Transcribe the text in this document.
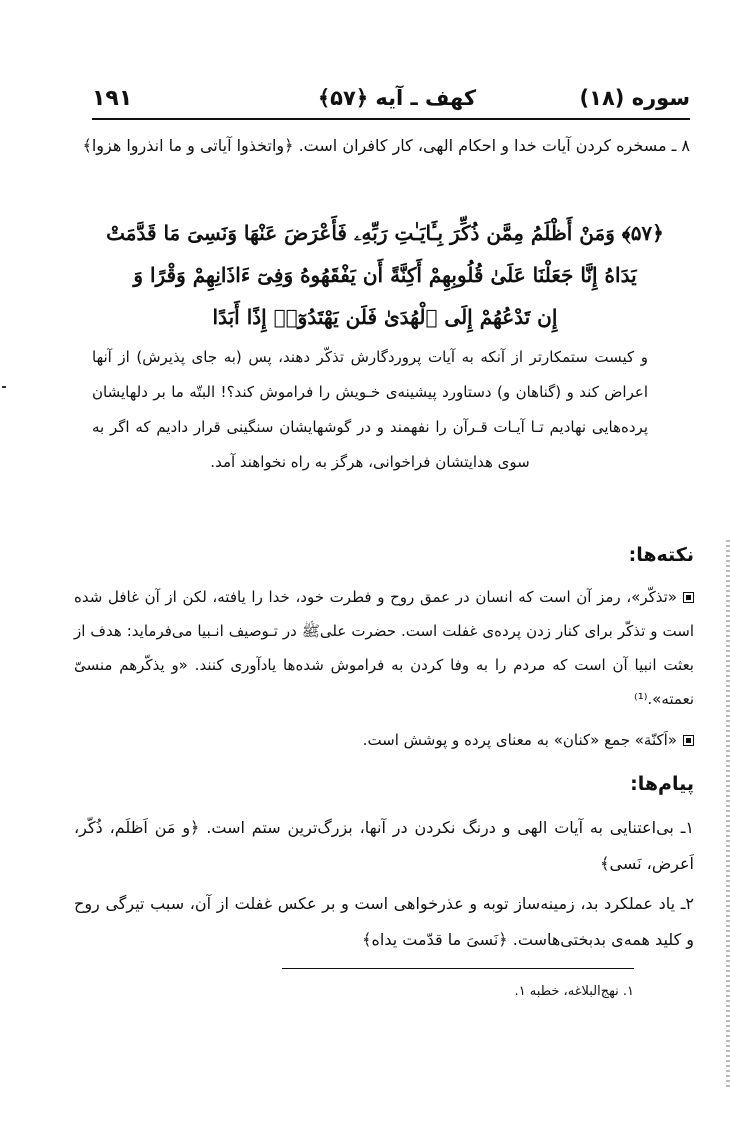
۱۹۱	کهف ـ آیه ﴿۵۷﴾	سوره (۱۸)
۸ ـ مسخره کردن آیات خدا و احکام الهی، کار کافران است. ﴿واتخذوا آیاتی و ما انذروا هزوا﴾
﴿۵۷﴾ وَمَنْ أَظْلَمُ مِمَّن ذُكِّرَ بِـَٔايَـٰتِ رَبِّهِۦ فَأَعْرَضَ عَنْهَا وَنَسِىَ مَا قَدَّمَتْ
يَدَاهُ إِنَّا جَعَلْنَا عَلَىٰ قُلُوبِهِمْ أَكِنَّةً أَن يَفْقَهُوهُ وَفِىٓ ءَاذَانِهِمْ وَقْرًا وَ
إِن تَدْعُهُمْ إِلَى ٱلْهُدَىٰ فَلَن يَهْتَدُوٓا۟ إِذًا أَبَدًا
و کیست ستمکارتر از آنکه به آیات پروردگارش تذکّر دهند، پس (به جای پذیرش) از آنها اعراض کند و (گناهان و) دستاورد پیشینه‌ی خـویش را فراموش کند؟! البتّه ما بر دلهایشان پرده‌هایی نهادیم تـا آیـات قـرآن را نفهمند و در گوشهایشان سنگینی قرار دادیم که اگر به سوی هدایتشان فراخوانی، هرگز به راه نخواهند آمد.
نکته‌ها:
«تذکّر»، رمز آن است که انسان در عمق روح و فطرت خود، خدا را یافته، لکن از آن غافل شده است و تذکّر برای کنار زدن پرده‌ی غفلت است. حضرت علی‌ﷺ در تـوصیف انـبیا می‌فرماید: هدف از بعثت انبیا آن است که مردم را به وفا کردن به فراموش شده‌ها یادآوری کنند. «و یذکّرهم منسیّ نعمته».⁽¹⁾
«اَکنّة» جمع «کنان» به معنای پرده و پوشش است.
پیام‌ها:
۱ـ بی‌اعتنایی به آیات الهی و درنگ نکردن در آنها، بزرگ‌ترین ستم است. ﴿و مَن اَظلَم، ذُکّر، اَعرض، نَسی﴾
۲ـ یاد عملکرد بد، زمینه‌ساز توبه و عذرخواهی است و بر عکس غفلت از آن، سبب تیرگی روح و کلید همه‌ی بدبختی‌هاست. ﴿نَسیَ ما قدّمت یداه﴾
۱. نهج‌البلاغه، خطبه ۱.
